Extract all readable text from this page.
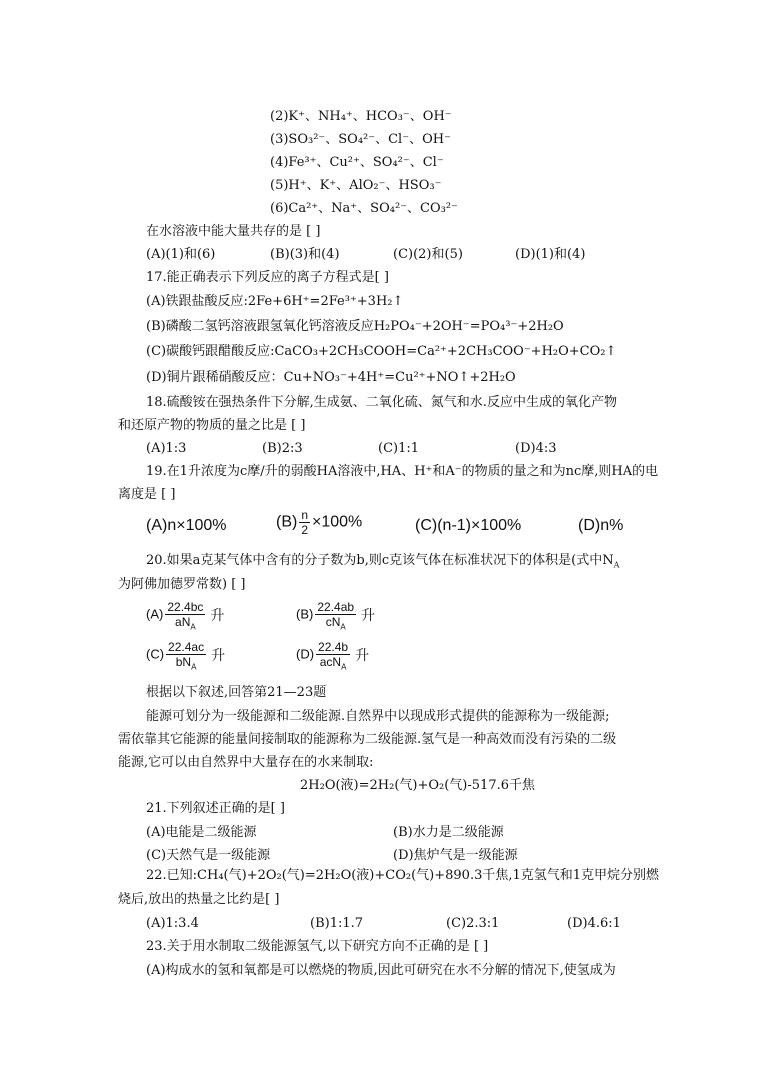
(2)K⁺、NH₄⁺、HCO₃⁻、OH⁻
(3)SO₃²⁻、SO₄²⁻、Cl⁻、OH⁻
(4)Fe³⁺、Cu²⁺、SO₄²⁻、Cl⁻
(5)H⁺、K⁺、AlO₂⁻、HSO₃⁻
(6)Ca²⁺、Na⁺、SO₄²⁻、CO₃²⁻
在水溶液中能大量共存的是 [ ]
(A)(1)和(6)	(B)(3)和(4)	(C)(2)和(5)	(D)(1)和(4)
17.能正确表示下列反应的离子方程式是[ ]
(A)铁跟盐酸反应:2Fe+6H⁺=2Fe³⁺+3H₂↑
(B)磷酸二氢钙溶液跟氢氧化钙溶液反应H₂PO₄⁻+2OH⁻=PO₄³⁻+2H₂O
(C)碳酸钙跟醋酸反应:CaCO₃+2CH₃COOH=Ca²⁺+2CH₃COO⁻+H₂O+CO₂↑
(D)铜片跟稀硝酸反应：Cu+NO₃⁻+4H⁺=Cu²⁺+NO↑+2H₂O
18.硫酸铵在强热条件下分解,生成氨、二氧化硫、氮气和水.反应中生成的氧化产物
和还原产物的物质的量之比是 [ ]
(A)1:3	(B)2:3	(C)1:1	(D)4:3
19.在1升浓度为c摩/升的弱酸HA溶液中,HA、H⁺和A⁻的物质的量之和为nc摩,则HA的电
离度是 [ ]
(A)n×100%	$(B) \frac{n}{2} \times 100\%$	(C)(n-1)×100%	(D)n%
20.如果a克某气体中含有的分子数为b,则c克该气体在标准状况下的体积是(式中$N_A$
为阿佛加德罗常数) [ ]
$(A) \frac{22.4bc}{aN_A}$ 升	$(B) \frac{22.4ab}{cN_A}$ 升
$(C) \frac{22.4ac}{bN_A}$ 升	$(D) \frac{22.4b}{acN_A}$ 升
根据以下叙述,回答第21—23题
能源可划分为一级能源和二级能源.自然界中以现成形式提供的能源称为一级能源;
需依靠其它能源的能量间接制取的能源称为二级能源.氢气是一种高效而没有污染的二级
能源,它可以由自然界中大量存在的水来制取:
2H₂O(液)=2H₂(气)+O₂(气)-517.6千焦
21.下列叙述正确的是[ ]
(A)电能是二级能源	(B)水力是二级能源
(C)天然气是一级能源	(D)焦炉气是一级能源
22.已知:CH₄(气)+2O₂(气)=2H₂O(液)+CO₂(气)+890.3千焦,1克氢气和1克甲烷分别燃
烧后,放出的热量之比约是[ ]
(A)1:3.4	(B)1:1.7	(C)2.3:1	(D)4.6:1
23.关于用水制取二级能源氢气,以下研究方向不正确的是 [ ]
(A)构成水的氢和氧都是可以燃烧的物质,因此可研究在水不分解的情况下,使氢成为
